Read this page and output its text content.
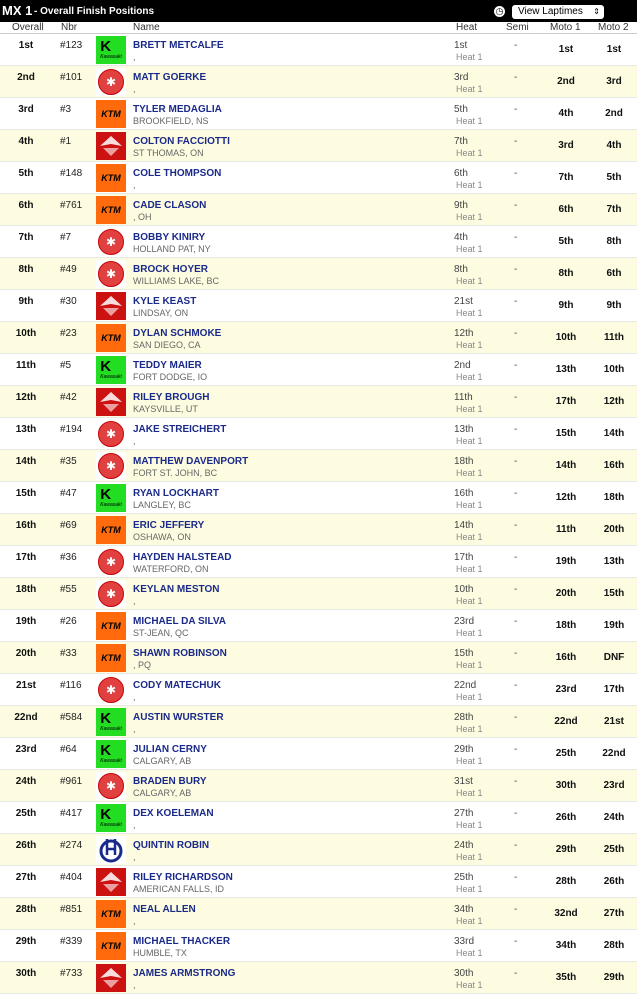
MX 1 - Overall Finish Positions	◷	View Laptimes ⇕
Overall Nbr	Name	Heat	Semi Moto 1 Moto 2
1st	#123 K
Kawasaki
BRETT METCALFE
,
1st
Heat 1
-	1st	1st
2nd	#101	✱	MATT GOERKE
,
3rd
Heat 1
-	2nd	3rd
3rd	#3	KTM TYLER MEDAGLIA
BROOKFIELD, NS
5th
Heat 1
-	4th	2nd
4th	#1	COLTON FACCIOTTI
ST THOMAS, ON
7th
Heat 1
-	3rd	4th
5th	#148 KTM COLE THOMPSON
,
6th
Heat 1
-	7th	5th
6th	#761 KTM CADE CLASON
, OH
9th
Heat 1
-	6th	7th
7th	#7	✱	BOBBY KINIRY
HOLLAND PAT, NY
4th
Heat 1
-	5th	8th
8th	#49	✱	BROCK HOYER
WILLIAMS LAKE, BC
8th
Heat 1
-	8th	6th
9th	#30	KYLE KEAST
LINDSAY, ON
21st
Heat 1
-	9th	9th
10th	#23	KTM DYLAN SCHMOKE
SAN DIEGO, CA
12th
Heat 1
-	10th	11th
11th	#5 K
Kawasaki
TEDDY MAIER
FORT DODGE, IO
2nd
Heat 1
-	13th	10th
12th	#42	RILEY BROUGH
KAYSVILLE, UT
11th
Heat 1
-	17th	12th
13th	#194	✱	JAKE STREICHERT
,
13th
Heat 1
-	15th	14th
14th	#35	✱	MATTHEW DAVENPORT
FORT ST. JOHN, BC
18th
Heat 1
-	14th	16th
15th	#47 K
Kawasaki
RYAN LOCKHART
LANGLEY, BC
16th
Heat 1
-	12th	18th
16th	#69	KTM ERIC JEFFERY
OSHAWA, ON
14th
Heat 1
-	11th	20th
17th	#36	✱	HAYDEN HALSTEAD
WATERFORD, ON
17th
Heat 1
-	19th	13th
18th	#55	✱	KEYLAN MESTON
,
10th
Heat 1
-	20th	15th
19th	#26	KTM MICHAEL DA SILVA
ST-JEAN, QC
23rd
Heat 1
-	18th	19th
20th	#33	KTM SHAWN ROBINSON
, PQ
15th
Heat 1
-	16th	DNF
21st	#116	✱	CODY MATECHUK
,
22nd
Heat 1
-	23rd	17th
22nd	#584 K
Kawasaki
AUSTIN WURSTER
,
28th
Heat 1
-	22nd	21st
23rd	#64 K
Kawasaki
JULIAN CERNY
CALGARY, AB
29th
Heat 1
-	25th	22nd
24th	#961	✱	BRADEN BURY
CALGARY, AB
31st
Heat 1
-	30th	23rd
25th	#417 K
Kawasaki
DEX KOELEMAN
,
27th
Heat 1
-	26th	24th
26th	#274	QUINTIN ROBIN
,
24th
Heat 1
-	29th	25th
27th	#404	RILEY RICHARDSON
AMERICAN FALLS, ID
25th
Heat 1
-	28th	26th
28th	#851 KTM NEAL ALLEN
,
34th
Heat 1
-	32nd	27th
29th	#339 KTM MICHAEL THACKER
HUMBLE, TX
33rd
Heat 1
-	34th	28th
30th	#733	JAMES ARMSTRONG
,
30th
Heat 1
-	35th	29th
